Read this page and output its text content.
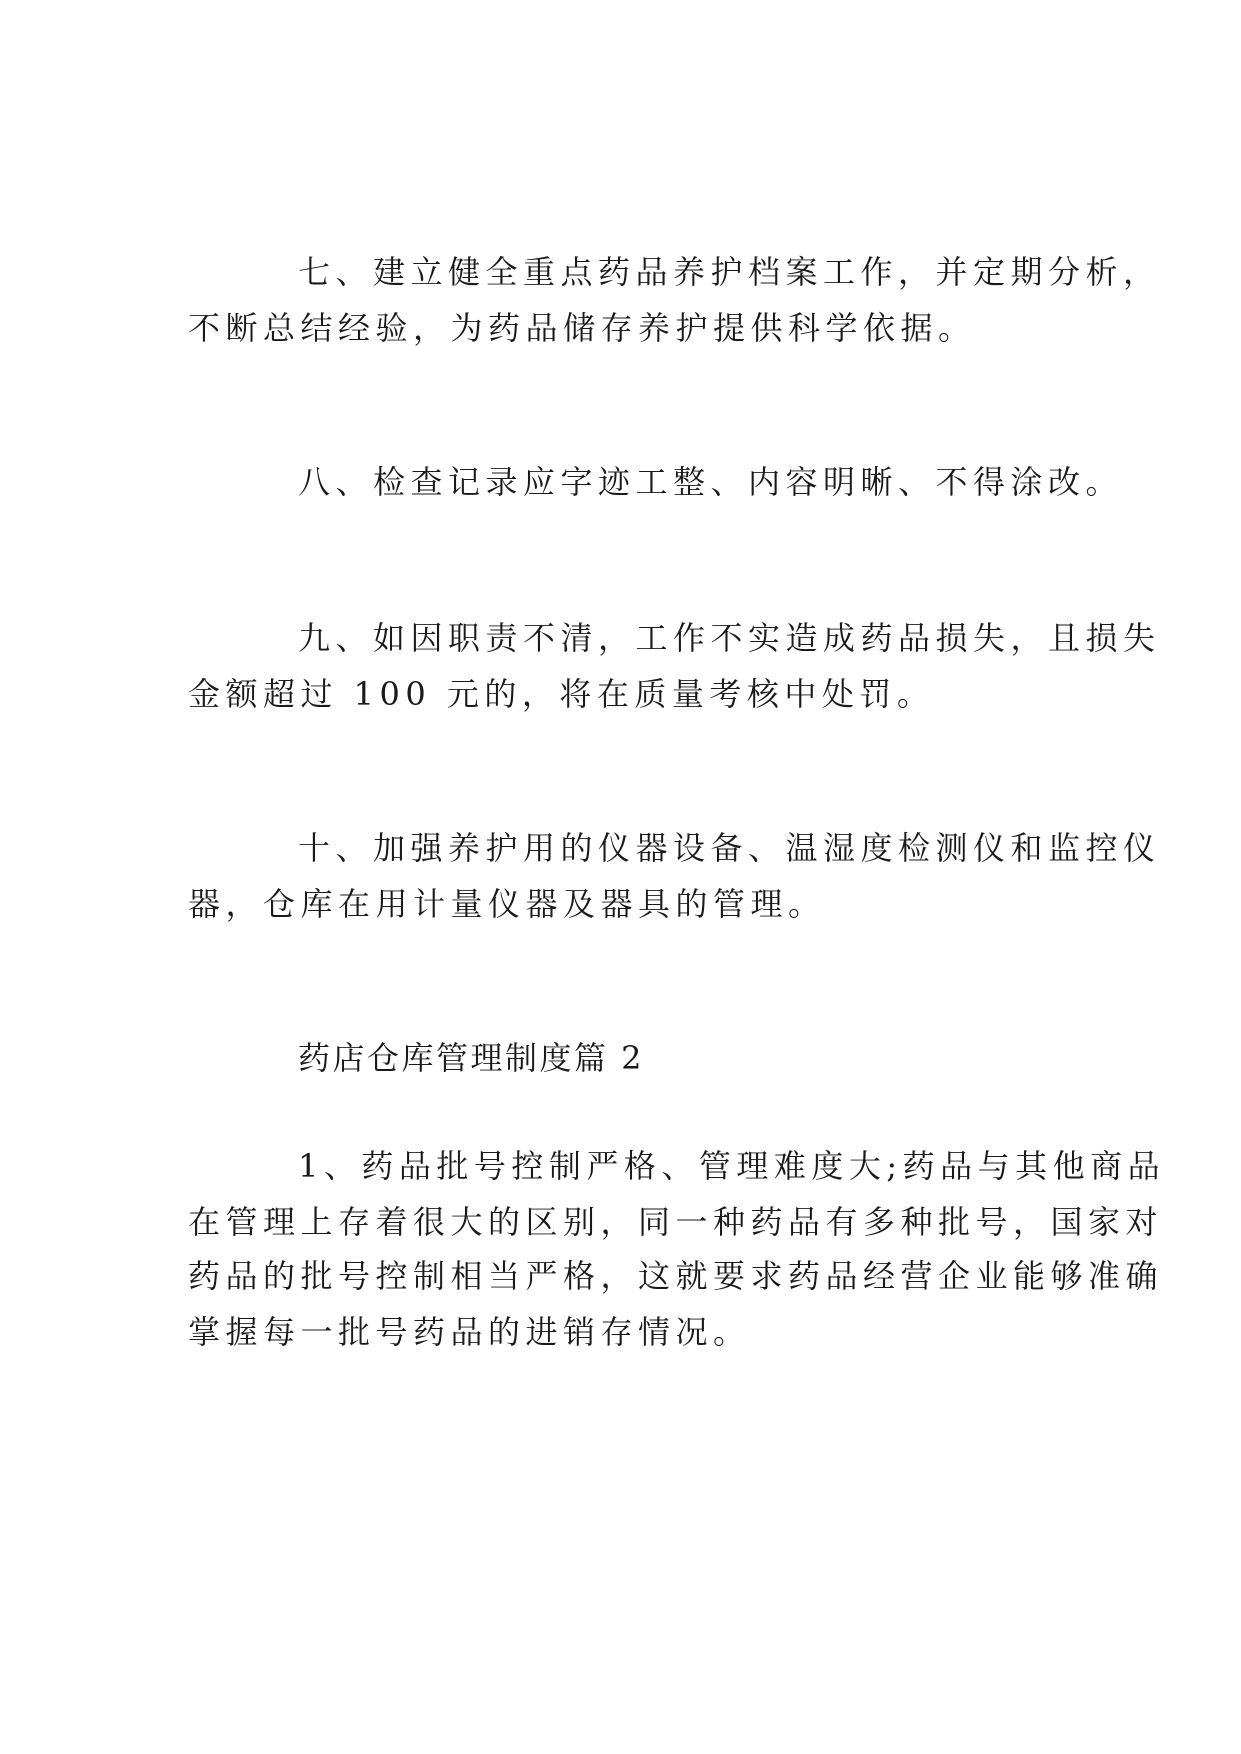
七、建立健全重点药品养护档案工作，并定期分析，
不断总结经验，为药品储存养护提供科学依据。
八、检查记录应字迹工整、内容明晰、不得涂改。
九、如因职责不清，工作不实造成药品损失，且损失
金额超过 100 元的，将在质量考核中处罚。
十、加强养护用的仪器设备、温湿度检测仪和监控仪
器，仓库在用计量仪器及器具的管理。
药店仓库管理制度篇 2
1、药品批号控制严格、管理难度大;药品与其他商品
在管理上存着很大的区别，同一种药品有多种批号，国家对
药品的批号控制相当严格，这就要求药品经营企业能够准确
掌握每一批号药品的进销存情况。
